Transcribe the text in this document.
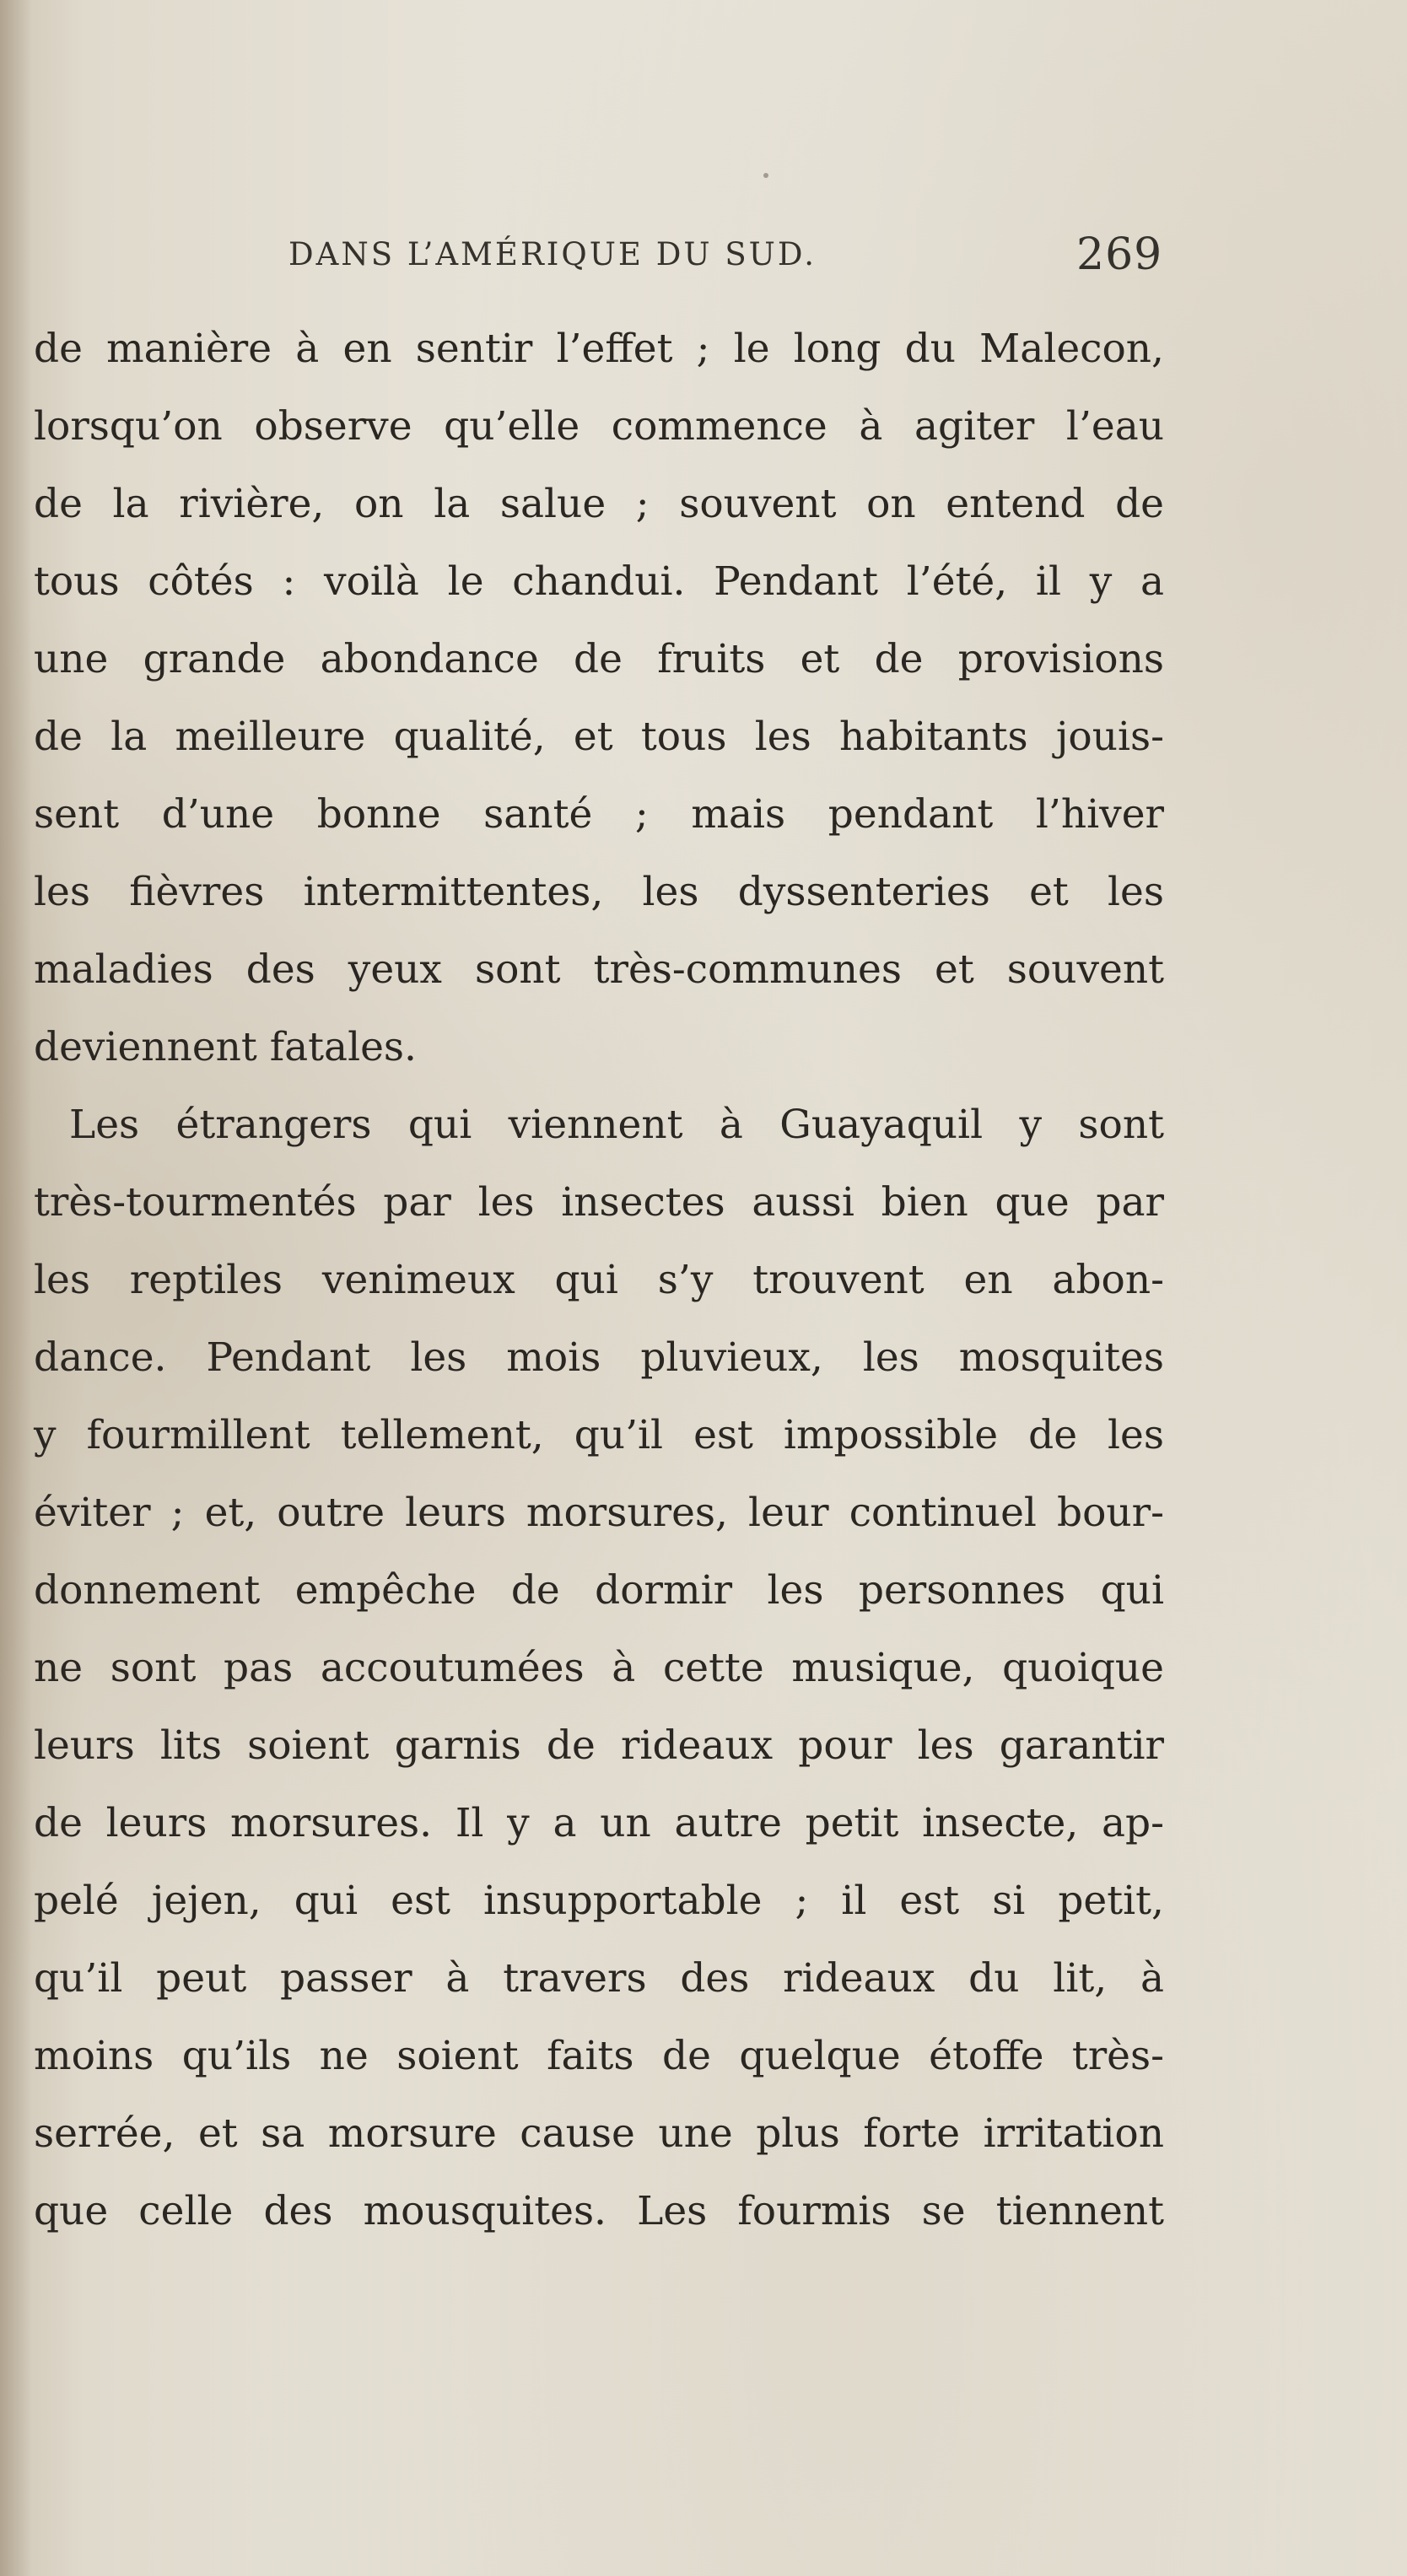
DANS L’AMÉRIQUE DU SUD.	269
de manière à en sentir l’effet ; le long du Malecon,
lorsqu’on observe qu’elle commence à agiter l’eau
de la rivière, on la salue ; souvent on entend de
tous côtés : voilà le chandui. Pendant l’été, il y a
une grande abondance de fruits et de provisions
de la meilleure qualité, et tous les habitants jouis-
sent d’une bonne santé ; mais pendant l’hiver
les fièvres intermittentes, les dyssenteries et les
maladies des yeux sont très-communes et souvent
deviennent fatales.
Les étrangers qui viennent à Guayaquil y sont
très-tourmentés par les insectes aussi bien que par
les reptiles venimeux qui s’y trouvent en abon-
dance. Pendant les mois pluvieux, les mosquites
y fourmillent tellement, qu’il est impossible de les
éviter ; et, outre leurs morsures, leur continuel bour-
donnement empêche de dormir les personnes qui
ne sont pas accoutumées à cette musique, quoique
leurs lits soient garnis de rideaux pour les garantir
de leurs morsures. Il y a un autre petit insecte, ap-
pelé jejen, qui est insupportable ; il est si petit,
qu’il peut passer à travers des rideaux du lit, à
moins qu’ils ne soient faits de quelque étoffe très-
serrée, et sa morsure cause une plus forte irritation
que celle des mousquites. Les fourmis se tiennent
